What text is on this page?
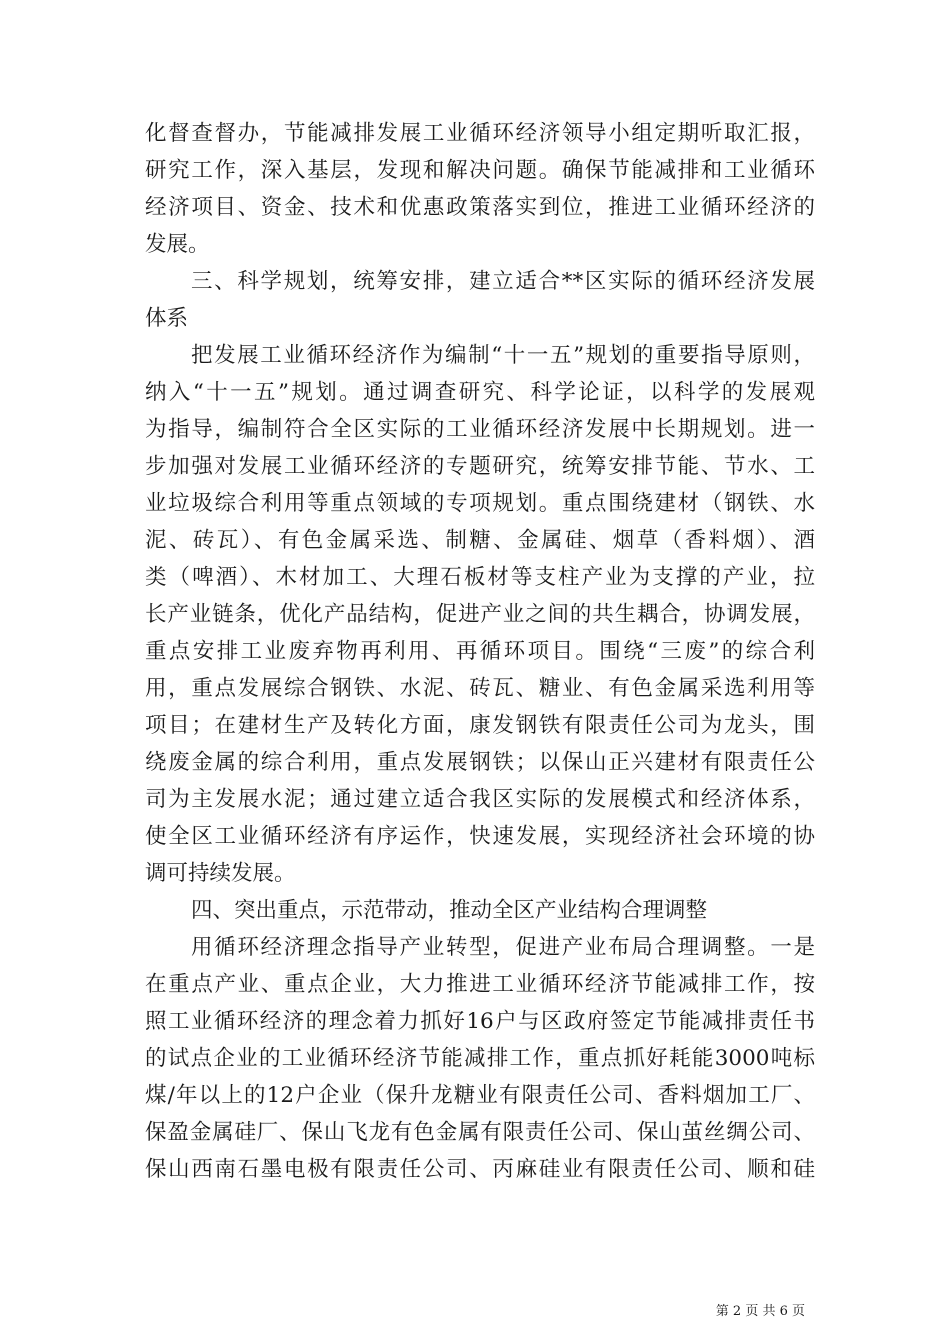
化督查督办，节能减排发展工业循环经济领导小组定期听取汇报，
研究工作，深入基层，发现和解决问题。确保节能减排和工业循环
经济项目、资金、技术和优惠政策落实到位，推进工业循环经济的
发展。
三、科学规划，统筹安排，建立适合**区实际的循环经济发展
体系
把发展工业循环经济作为编制“十一五”规划的重要指导原则，
纳入“十一五”规划。通过调查研究、科学论证，以科学的发展观
为指导，编制符合全区实际的工业循环经济发展中长期规划。进一
步加强对发展工业循环经济的专题研究，统筹安排节能、节水、工
业垃圾综合利用等重点领域的专项规划。重点围绕建材（钢铁、水
泥、砖瓦）、有色金属采选、制糖、金属硅、烟草（香料烟）、酒
类（啤酒）、木材加工、大理石板材等支柱产业为支撑的产业，拉
长产业链条，优化产品结构，促进产业之间的共生耦合，协调发展，
重点安排工业废弃物再利用、再循环项目。围绕“三废”的综合利
用，重点发展综合钢铁、水泥、砖瓦、糖业、有色金属采选利用等
项目；在建材生产及转化方面，康发钢铁有限责任公司为龙头，围
绕废金属的综合利用，重点发展钢铁；以保山正兴建材有限责任公
司为主发展水泥；通过建立适合我区实际的发展模式和经济体系，
使全区工业循环经济有序运作，快速发展，实现经济社会环境的协
调可持续发展。
四、突出重点，示范带动，推动全区产业结构合理调整
用循环经济理念指导产业转型，促进产业布局合理调整。一是
在重点产业、重点企业，大力推进工业循环经济节能减排工作，按
照工业循环经济的理念着力抓好16户与区政府签定节能减排责任书
的试点企业的工业循环经济节能减排工作，重点抓好耗能3000吨标
煤/年以上的12户企业（保升龙糖业有限责任公司、香料烟加工厂、
保盈金属硅厂、保山飞龙有色金属有限责任公司、保山茧丝绸公司、
保山西南石墨电极有限责任公司、丙麻硅业有限责任公司、顺和硅
第 2 页 共 6 页
